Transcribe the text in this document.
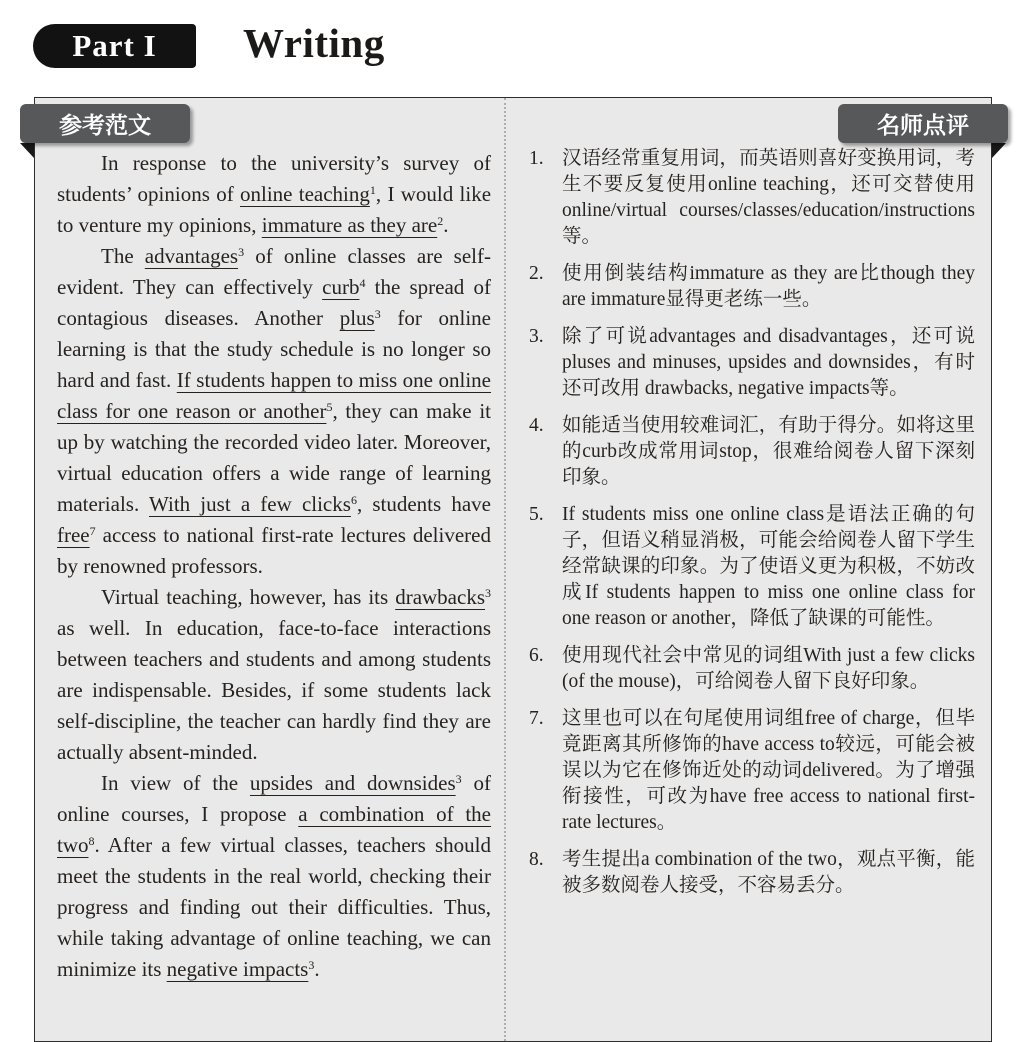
Part I Writing
参考范文	名师点评

In response to the university’s survey of students’ opinions of online teaching$^1$, I would like to venture my opinions, immature as they are$^2$.

The advantages$^3$ of online classes are self-evident. They can effectively curb$^4$ the spread of contagious diseases. Another plus$^3$ for online learning is that the study schedule is no longer so hard and fast. If students happen to miss one online class for one reason or another$^5$, they can make it up by watching the recorded video later. Moreover, virtual education offers a wide range of learning materials. With just a few clicks$^6$, students have free$^7$ access to national first-rate lectures delivered by renowned professors.

Virtual teaching, however, has its drawbacks$^3$ as well. In education, face-to-face interactions between teachers and students and among students are indispensable. Besides, if some students lack self-discipline, the teacher can hardly find they are actually absent-minded.

In view of the upsides and downsides$^3$ of online courses, I propose a combination of the two$^8$. After a few virtual classes, teachers should meet the students in the real world, checking their progress and finding out their difficulties. Thus, while taking advantage of online teaching, we can minimize its negative impacts$^3$.

1. 汉语经常重复用词，而英语则喜好变换用词，考生不要反复使用online teaching，还可交替使用online/virtual courses/classes/education/instructions等。
2. 使用倒装结构immature as they are比though they are immature显得更老练一些。
3. 除了可说advantages and disadvantages，还可说pluses and minuses, upsides and downsides，有时还可改用 drawbacks, negative impacts等。
4. 如能适当使用较难词汇，有助于得分。如将这里的curb改成常用词stop，很难给阅卷人留下深刻印象。
5. If students miss one online class是语法正确的句子，但语义稍显消极，可能会给阅卷人留下学生经常缺课的印象。为了使语义更为积极，不妨改成If students happen to miss one online class for one reason or another，降低了缺课的可能性。
6. 使用现代社会中常见的词组With just a few clicks (of the mouse)，可给阅卷人留下良好印象。
7. 这里也可以在句尾使用词组free of charge，但毕竟距离其所修饰的have access to较远，可能会被误以为它在修饰近处的动词delivered。为了增强衔接性，可改为have free access to national first-rate lectures。
8. 考生提出a combination of the two，观点平衡，能被多数阅卷人接受，不容易丢分。
